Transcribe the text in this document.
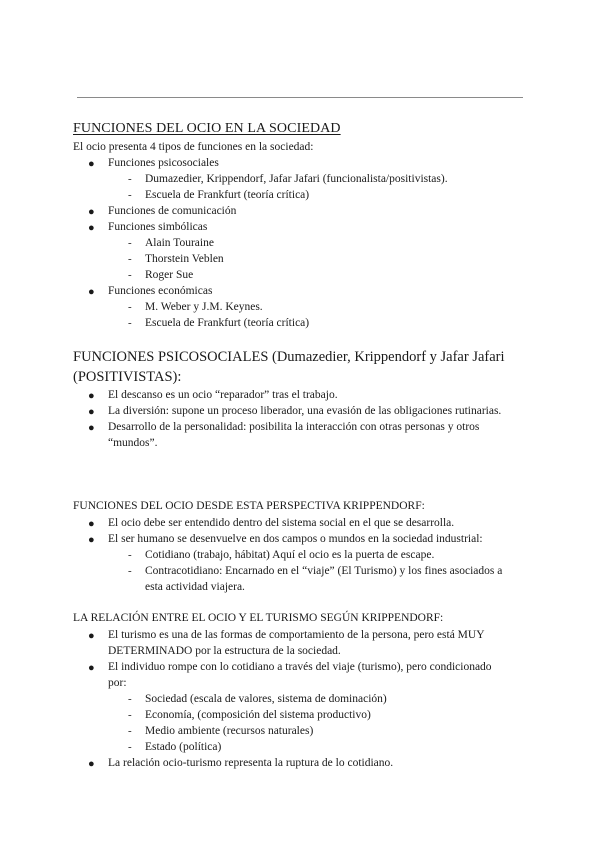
FUNCIONES DEL OCIO EN LA SOCIEDAD
El ocio presenta 4 tipos de funciones en la sociedad:
● Funciones psicosociales
- Dumazedier, Krippendorf, Jafar Jafari (funcionalista/positivistas).
- Escuela de Frankfurt (teoría crítica)
● Funciones de comunicación
● Funciones simbólicas
- Alain Touraine
- Thorstein Veblen
- Roger Sue
● Funciones económicas
- M. Weber y J.M. Keynes.
- Escuela de Frankfurt (teoría crítica)
FUNCIONES PSICOSOCIALES (Dumazedier, Krippendorf y Jafar Jafari
(POSITIVISTAS):
● El descanso es un ocio “reparador” tras el trabajo.
● La diversión: supone un proceso liberador, una evasión de las obligaciones rutinarias.
● Desarrollo de la personalidad: posibilita la interacción con otras personas y otros
“mundos”.
FUNCIONES DEL OCIO DESDE ESTA PERSPECTIVA KRIPPENDORF:
● El ocio debe ser entendido dentro del sistema social en el que se desarrolla.
● El ser humano se desenvuelve en dos campos o mundos en la sociedad industrial:
- Cotidiano (trabajo, hábitat) Aquí el ocio es la puerta de escape.
- Contracotidiano: Encarnado en el “viaje” (El Turismo) y los fines asociados a
esta actividad viajera.
LA RELACIÓN ENTRE EL OCIO Y EL TURISMO SEGÚN KRIPPENDORF:
● El turismo es una de las formas de comportamiento de la persona, pero está MUY
DETERMINADO por la estructura de la sociedad.
● El individuo rompe con lo cotidiano a través del viaje (turismo), pero condicionado
por:
- Sociedad (escala de valores, sistema de dominación)
- Economía, (composición del sistema productivo)
- Medio ambiente (recursos naturales)
- Estado (política)
● La relación ocio-turismo representa la ruptura de lo cotidiano.
